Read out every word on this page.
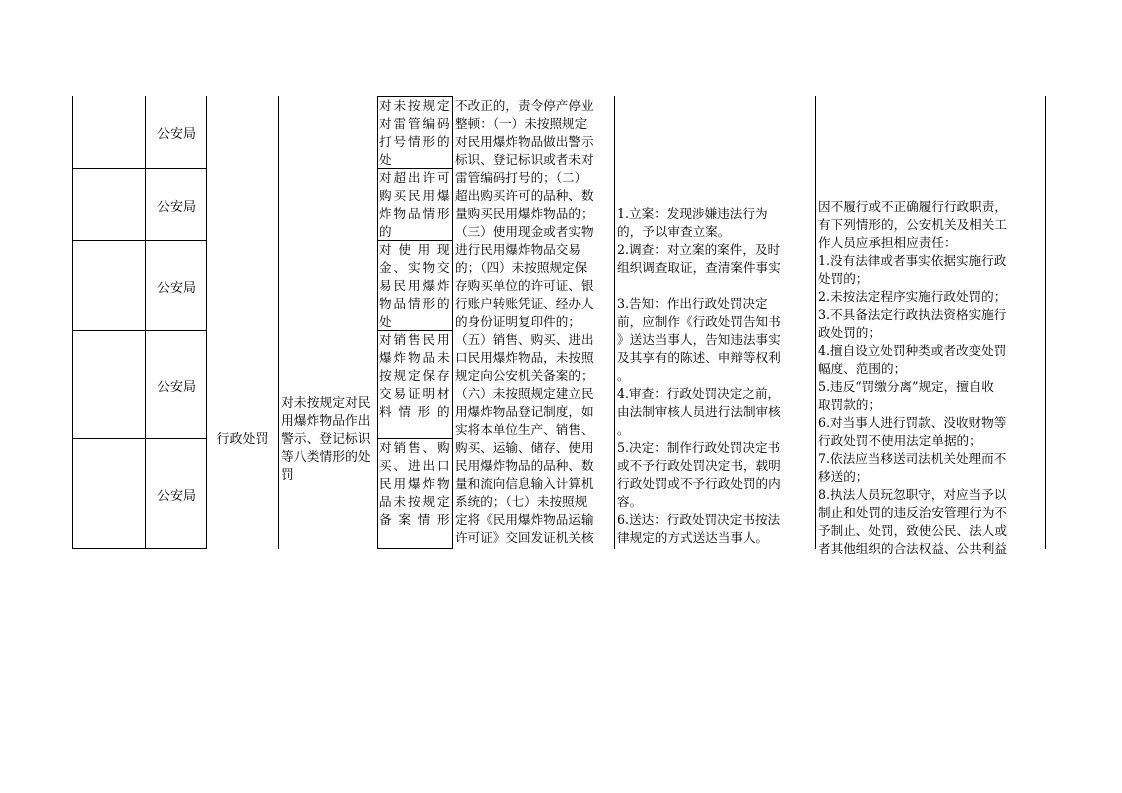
公安局
公安局
公安局
公安局
公安局
行政处罚
对未按规定对民用爆炸物品作出警示、登记标识等八类情形的处罚
对未按规定对雷管编码打号情形的处
对超出许可购买民用爆炸物品情形的
对使用现金、实物交易民用爆炸物品情形的处
对销售民用爆炸物品未按规定保存交易证明材料情形的
对销售、购买、进出口民用爆炸物品未按规定备案情形
不改正的，责令停产停业
整顿：（一）未按照规定
对民用爆炸物品做出警示
标识、登记标识或者未对
雷管编码打号的；（二）
超出购买许可的品种、数
量购买民用爆炸物品的；
（三）使用现金或者实物
进行民用爆炸物品交易
的；（四）未按照规定保
存购买单位的许可证、银
行账户转账凭证、经办人
的身份证明复印件的；
（五）销售、购买、进出
口民用爆炸物品，未按照
规定向公安机关备案的；
（六）未按照规定建立民
用爆炸物品登记制度，如
实将本单位生产、销售、
购买、运输、储存、使用
民用爆炸物品的品种、数
量和流向信息输入计算机
系统的；（七）未按照规
定将《民用爆炸物品运输
许可证》交回发证机关核
1.立案：发现涉嫌违法行为
的，予以审查立案。
2.调查：对立案的案件，及时
组织调查取证，查清案件事实
3.告知：作出行政处罚决定
前，应制作《行政处罚告知书
》送达当事人，告知违法事实
及其享有的陈述、申辩等权利
。
4.审查：行政处罚决定之前，
由法制审核人员进行法制审核
。
5.决定：制作行政处罚决定书
或不予行政处罚决定书，载明
行政处罚或不予行政处罚的内
容。
6.送达：行政处罚决定书按法
律规定的方式送达当事人。
因不履行或不正确履行行政职责，
有下列情形的，公安机关及相关工
作人员应承担相应责任：
1.没有法律或者事实依据实施行政
处罚的；
2.未按法定程序实施行政处罚的；
3.不具备法定行政执法资格实施行
政处罚的；
4.擅自设立处罚种类或者改变处罚
幅度、范围的；
5.违反“罚缴分离”规定，擅自收
取罚款的；
6.对当事人进行罚款、没收财物等
行政处罚不使用法定单据的；
7.依法应当移送司法机关处理而不
移送的；
8.执法人员玩忽职守，对应当予以
制止和处罚的违反治安管理行为不
予制止、处罚，致使公民、法人或
者其他组织的合法权益、公共利益
